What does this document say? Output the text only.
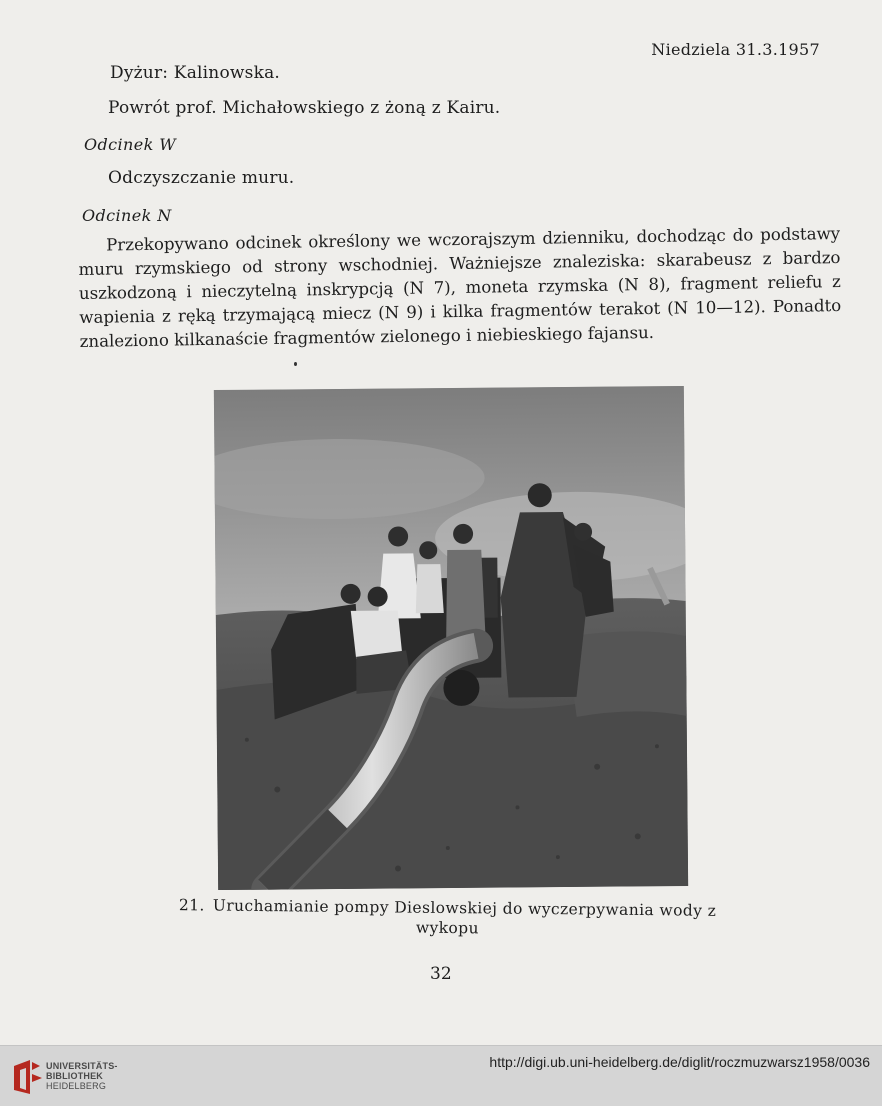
Niedziela 31.3.1957
Dyżur: Kalinowska.
Powrót prof. Michałowskiego z żoną z Kairu.
Odcinek W
Odczyszczanie muru.
Odcinek N
Przekopywano odcinek określony we wczorajszym dzienniku, dochodząc do podstawy muru rzymskiego od strony wschodniej. Ważniejsze znaleziska: skarabeusz z bardzo uszkodzoną i nieczytelną inskrypcją (N 7), moneta rzymska (N 8), fragment reliefu z wapienia z ręką trzymającą miecz (N 9) i kilka fragmentów terakot (N 10—12). Ponadto znaleziono kilkanaście fragmentów zielonego i niebieskiego fajansu.
21. Uruchamianie pompy Dieslowskiej do wyczerpywania wody z wykopu
32
UNIVERSITÄTS-
BIBLIOTHEK
HEIDELBERG
http://digi.ub.uni-heidelberg.de/diglit/roczmuzwarsz1958/0036
